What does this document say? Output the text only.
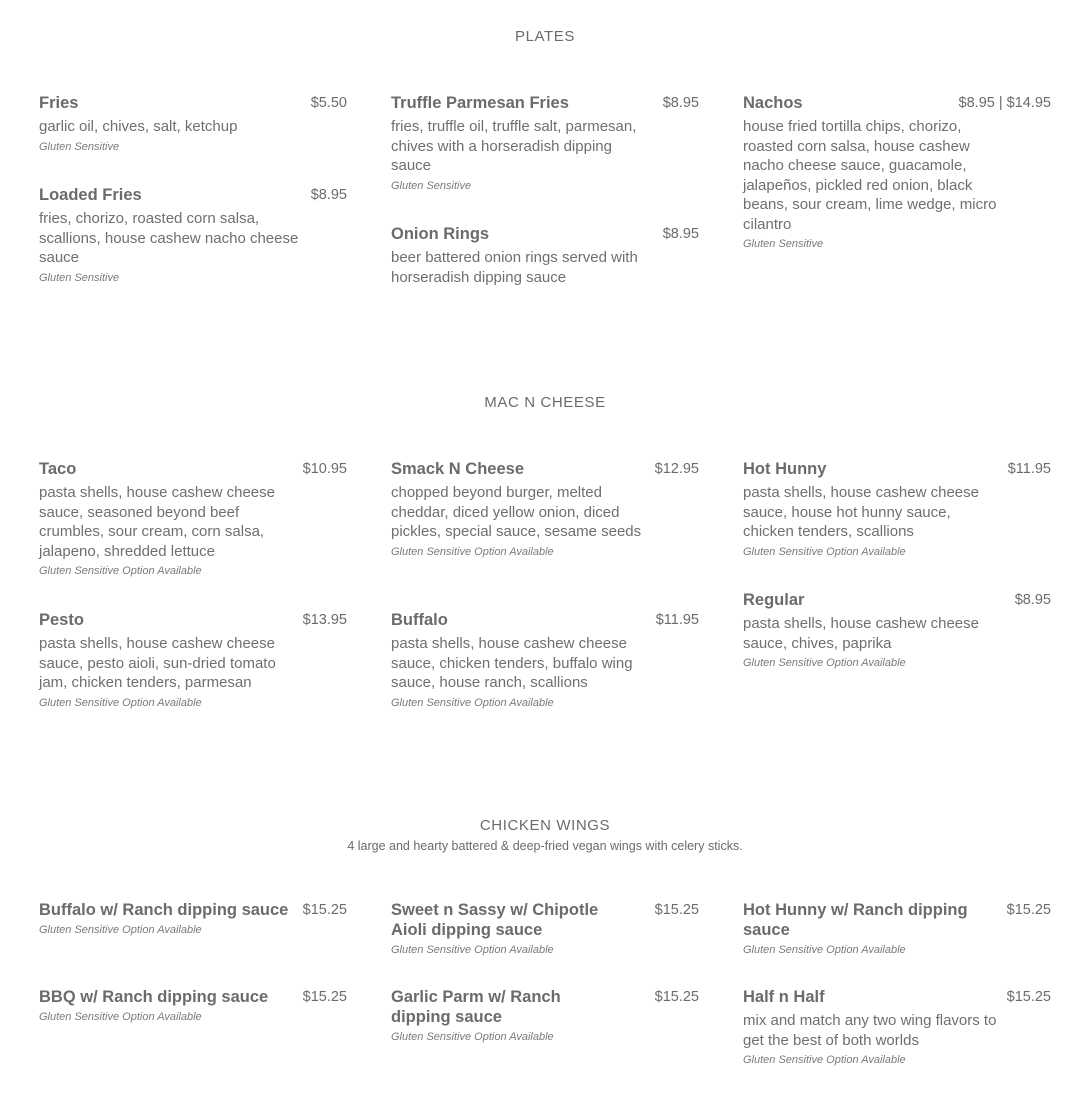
PLATES
Fries	$5.50
garlic oil, chives, salt, ketchup
Gluten Sensitive
Loaded Fries	$8.95
fries, chorizo, roasted corn salsa, scallions, house cashew nacho cheese sauce
Gluten Sensitive
Truffle Parmesan Fries	$8.95
fries, truffle oil, truffle salt, parmesan, chives with a horseradish dipping sauce
Gluten Sensitive
Onion Rings	$8.95
beer battered onion rings served with horseradish dipping sauce
Nachos	$8.95 | $14.95
house fried tortilla chips, chorizo, roasted corn salsa, house cashew nacho cheese sauce, guacamole, jalapeños, pickled red onion, black beans, sour cream, lime wedge, micro cilantro
Gluten Sensitive
MAC N CHEESE
Taco	$10.95
pasta shells, house cashew cheese sauce, seasoned beyond beef crumbles, sour cream, corn salsa, jalapeno, shredded lettuce
Gluten Sensitive Option Available
Pesto	$13.95
pasta shells, house cashew cheese sauce, pesto aioli, sun-dried tomato jam, chicken tenders, parmesan
Gluten Sensitive Option Available
Smack N Cheese	$12.95
chopped beyond burger, melted cheddar, diced yellow onion, diced pickles, special sauce, sesame seeds
Gluten Sensitive Option Available
Buffalo	$11.95
pasta shells, house cashew cheese sauce, chicken tenders, buffalo wing sauce, house ranch, scallions
Gluten Sensitive Option Available
Hot Hunny	$11.95
pasta shells, house cashew cheese sauce, house hot hunny sauce, chicken tenders, scallions
Gluten Sensitive Option Available
Regular	$8.95
pasta shells, house cashew cheese sauce, chives, paprika
Gluten Sensitive Option Available
CHICKEN WINGS
4 large and hearty battered & deep-fried vegan wings with celery sticks.
Buffalo w/ Ranch dipping sauce $15.25
Gluten Sensitive Option Available
BBQ w/ Ranch dipping sauce	$15.25
Gluten Sensitive Option Available
Sweet n Sassy w/ Chipotle Aioli dipping sauce
$15.25
Gluten Sensitive Option Available
Garlic Parm w/ Ranch dipping sauce
$15.25
Gluten Sensitive Option Available
Hot Hunny w/ Ranch dipping sauce
$15.25
Gluten Sensitive Option Available
Half n Half	$15.25
mix and match any two wing flavors to get the best of both worlds
Gluten Sensitive Option Available
